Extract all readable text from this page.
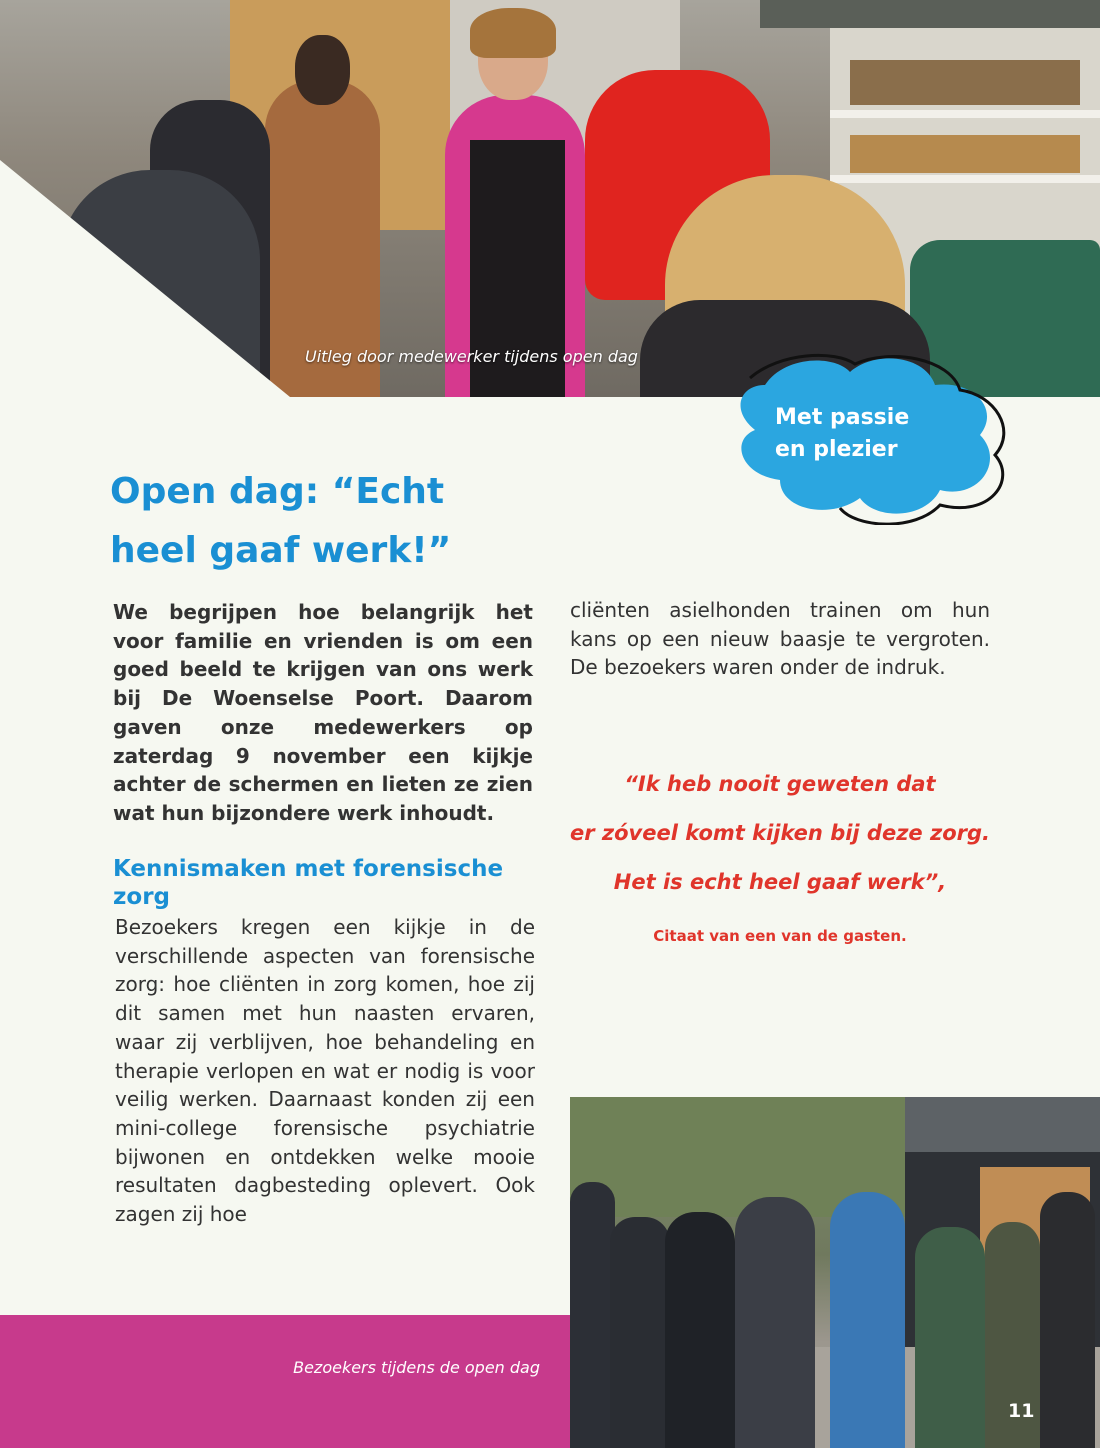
Uitleg door medewerker tijdens open dag
Met passie
en plezier
Open dag: “Echt
heel gaaf werk!”
We begrijpen hoe belangrijk het voor familie en vrienden is om een goed beeld te krijgen van ons werk bij De Woenselse Poort. Daarom gaven onze medewerkers op zaterdag 9 november een kijkje achter de schermen en lieten ze zien wat hun bijzondere werk inhoudt.
Kennismaken met forensische zorg
Bezoekers kregen een kijkje in de verschillende aspecten van forensische zorg: hoe cliënten in zorg komen, hoe zij dit samen met hun naasten ervaren, waar zij verblijven, hoe behandeling en therapie verlopen en wat er nodig is voor veilig werken. Daarnaast konden zij een mini-college forensische psychiatrie bijwonen en ontdekken welke mooie resultaten dagbesteding oplevert. Ook zagen zij hoe
cliënten asielhonden trainen om hun kans op een nieuw baasje te vergroten. De bezoekers waren onder de indruk.
“Ik heb nooit geweten dat
er zóveel komt kijken bij deze zorg.
Het is echt heel gaaf werk”,
Citaat van een van de gasten.
Bezoekers tijdens de open dag
11
